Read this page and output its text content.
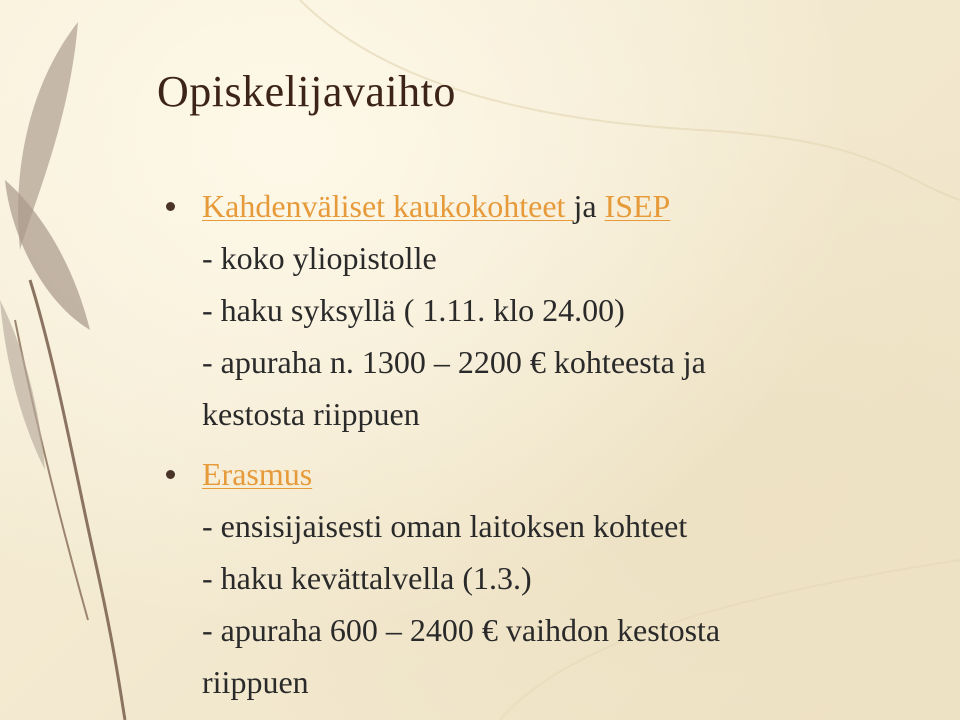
Opiskelijavaihto
Kahdenväliset kaukokohteet ja ISEP
- koko yliopistolle
- haku syksyllä ( 1.11. klo 24.00)
- apuraha n. 1300 – 2200 € kohteesta ja
kestosta riippuen
Erasmus
- ensisijaisesti oman laitoksen kohteet
- haku kevättalvella (1.3.)
- apuraha 600 – 2400 € vaihdon kestosta
riippuen
